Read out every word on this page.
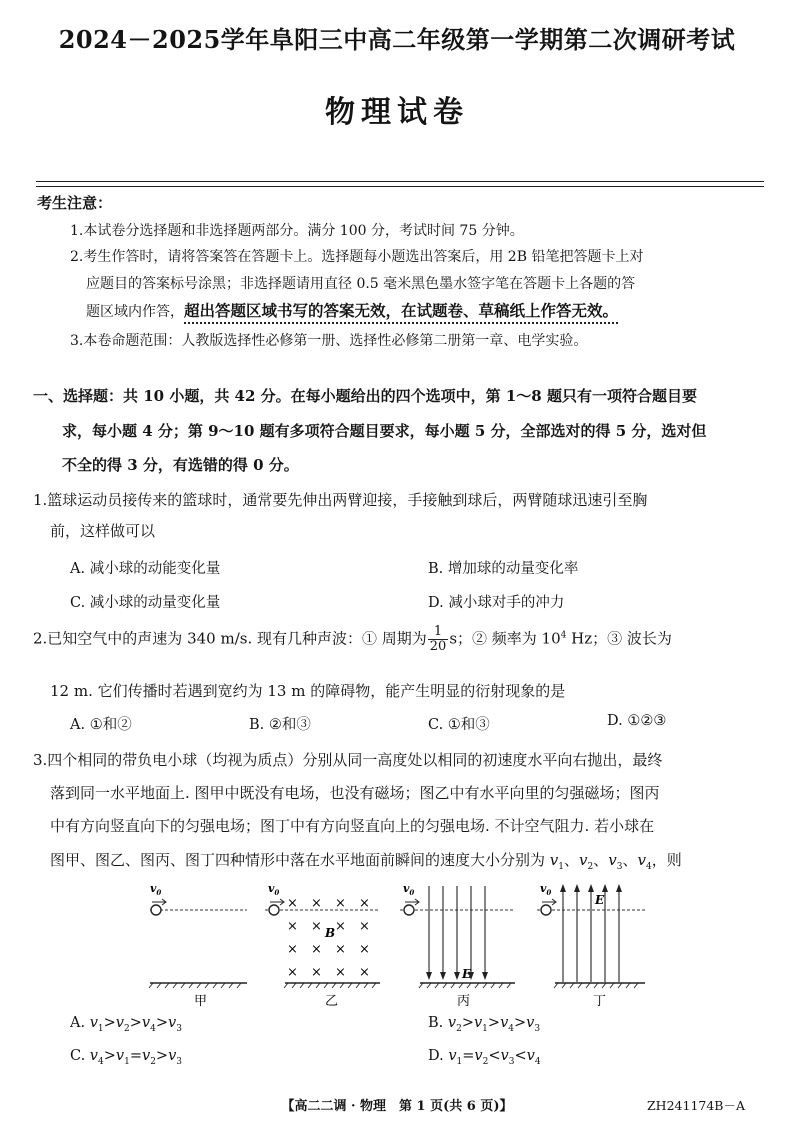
2024－2025学年阜阳三中高二年级第一学期第二次调研考试
物理试卷
考生注意：
1.本试卷分选择题和非选择题两部分。满分 100 分，考试时间 75 分钟。
2.考生作答时，请将答案答在答题卡上。选择题每小题选出答案后，用 2B 铅笔把答题卡上对
应题目的答案标号涂黑；非选择题请用直径 0.5 毫米黑色墨水签字笔在答题卡上各题的答
题区域内作答，超出答题区域书写的答案无效，在试题卷、草稿纸上作答无效。
3.本卷命题范围：人教版选择性必修第一册、选择性必修第二册第一章、电学实验。
一、选择题：共 10 小题，共 42 分。在每小题给出的四个选项中，第 1～8 题只有一项符合题目要
求，每小题 4 分；第 9～10 题有多项符合题目要求，每小题 5 分，全部选对的得 5 分，选对但
不全的得 3 分，有选错的得 0 分。
1.篮球运动员接传来的篮球时，通常要先伸出两臂迎接，手接触到球后，两臂随球迅速引至胸
前，这样做可以
A. 减小球的动能变化量	B. 增加球的动量变化率
C. 减小球的动量变化量	D. 减小球对手的冲力
2.已知空气中的声速为 340 m/s. 现有几种声波：① 周期为 $\frac{1}{20}$ s；② 频率为 $10^4$ Hz；③ 波长为
12 m. 它们传播时若遇到宽约为 13 m 的障碍物，能产生明显的衍射现象的是
A. ①和②	B. ②和③	C. ①和③	D. ①②③
3.四个相同的带负电小球（均视为质点）分别从同一高度处以相同的初速度水平向右抛出，最终
落到同一水平地面上. 图甲中既没有电场，也没有磁场；图乙中有水平向里的匀强磁场；图丙
中有方向竖直向下的匀强电场；图丁中有方向竖直向上的匀强电场. 不计空气阻力. 若小球在
图甲、图乙、图丙、图丁四种情形中落在水平地面前瞬间的速度大小分别为 $v_1$、$v_2$、$v_3$、$v_4$，则
$v_0$
甲
$v_0$
× × × ×
× × × ×
× × × ×
× × × ×
B
乙
$v_0$
E
丙
$v_0$
E
丁
A. $v_1>v_2>v_4>v_3$	B. $v_2>v_1>v_4>v_3$
C. $v_4>v_1=v_2>v_3$	D. $v_1=v_2<v_3<v_4$
【高二二调 · 物理　第 1 页(共 6 页)】	ZH241174B－A
